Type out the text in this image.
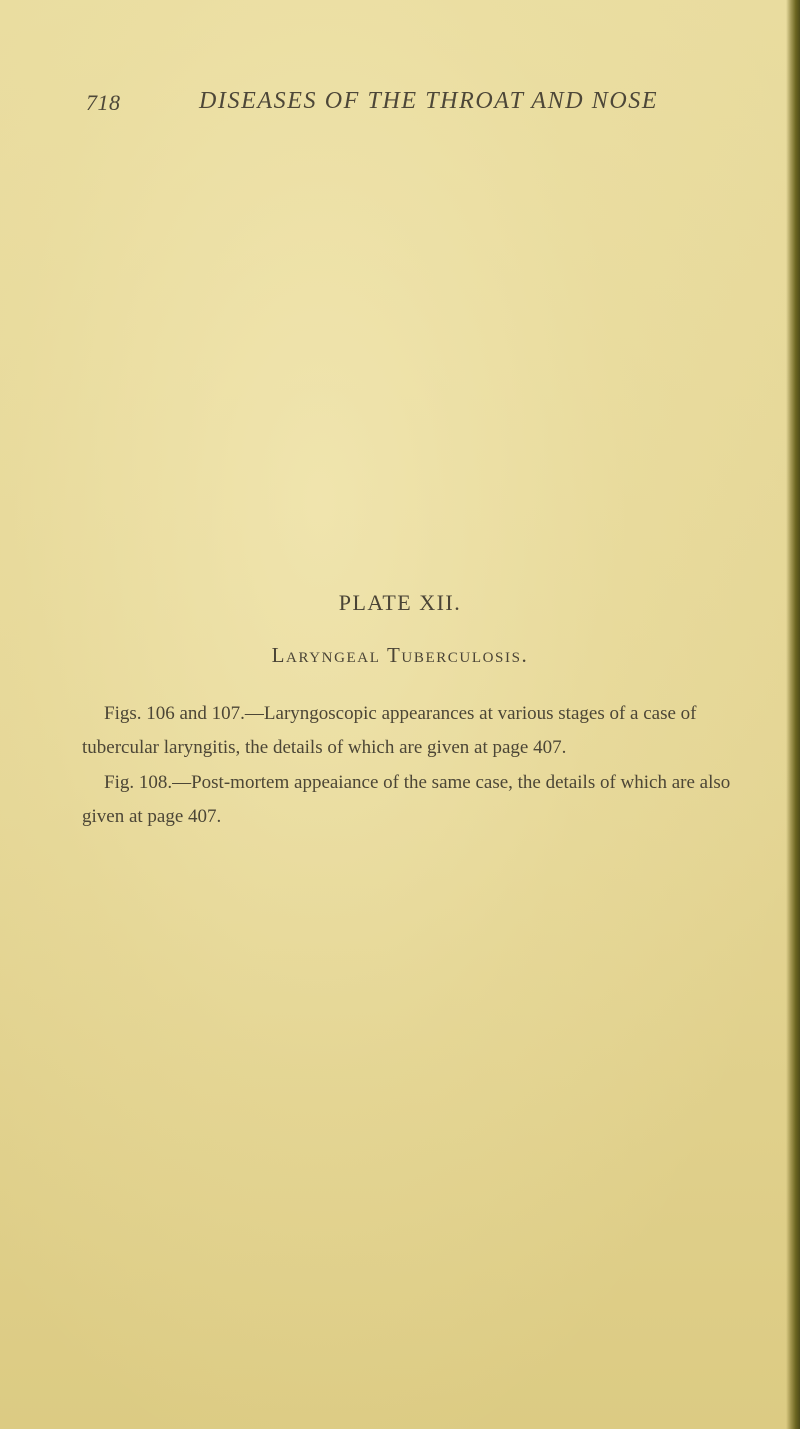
718	DISEASES OF THE THROAT AND NOSE
PLATE XII.
Laryngeal Tuberculosis.

Figs. 106 and 107.—Laryngoscopic appearances at various stages of a case of tubercular laryngitis, the details of which are given at page 407.

Fig. 108.—Post-mortem appeaiance of the same case, the details of which are also given at page 407.
